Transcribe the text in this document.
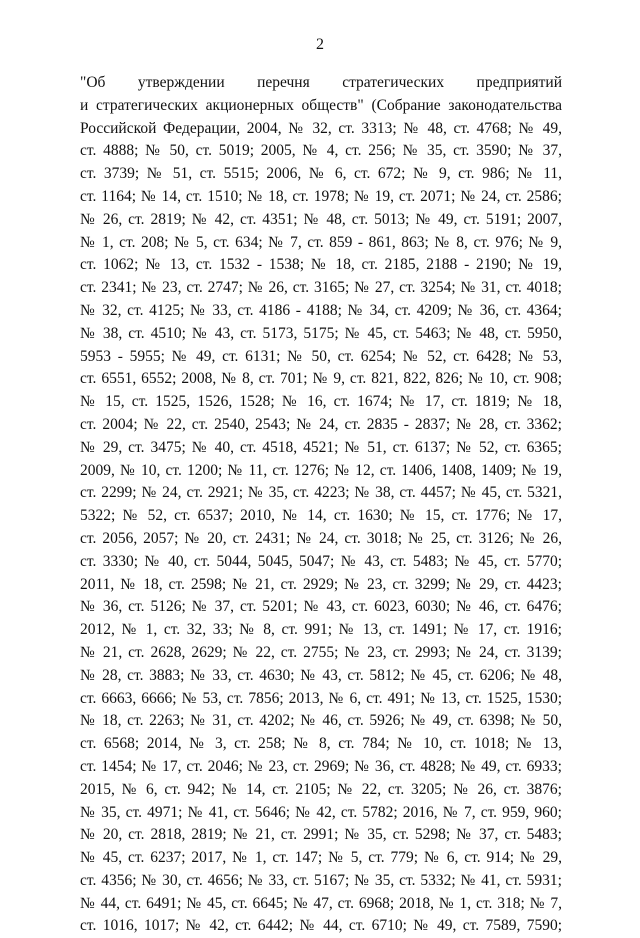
2
"Об утверждении перечня стратегических предприятий
и стратегических акционерных обществ" (Собрание законодательства
Российской Федерации, 2004, № 32, ст. 3313; № 48, ст. 4768; № 49,
ст. 4888; № 50, ст. 5019; 2005, № 4, ст. 256; № 35, ст. 3590; № 37,
ст. 3739; № 51, ст. 5515; 2006, № 6, ст. 672; № 9, ст. 986; № 11,
ст. 1164; № 14, ст. 1510; № 18, ст. 1978; № 19, ст. 2071; № 24, ст. 2586;
№ 26, ст. 2819; № 42, ст. 4351; № 48, ст. 5013; № 49, ст. 5191; 2007,
№ 1, ст. 208; № 5, ст. 634; № 7, ст. 859 - 861, 863; № 8, ст. 976; № 9,
ст. 1062; № 13, ст. 1532 - 1538; № 18, ст. 2185, 2188 - 2190; № 19,
ст. 2341; № 23, ст. 2747; № 26, ст. 3165; № 27, ст. 3254; № 31, ст. 4018;
№ 32, ст. 4125; № 33, ст. 4186 - 4188; № 34, ст. 4209; № 36, ст. 4364;
№ 38, ст. 4510; № 43, ст. 5173, 5175; № 45, ст. 5463; № 48, ст. 5950,
5953 - 5955; № 49, ст. 6131; № 50, ст. 6254; № 52, ст. 6428; № 53,
ст. 6551, 6552; 2008, № 8, ст. 701; № 9, ст. 821, 822, 826; № 10, ст. 908;
№ 15, ст. 1525, 1526, 1528; № 16, ст. 1674; № 17, ст. 1819; № 18,
ст. 2004; № 22, ст. 2540, 2543; № 24, ст. 2835 - 2837; № 28, ст. 3362;
№ 29, ст. 3475; № 40, ст. 4518, 4521; № 51, ст. 6137; № 52, ст. 6365;
2009, № 10, ст. 1200; № 11, ст. 1276; № 12, ст. 1406, 1408, 1409; № 19,
ст. 2299; № 24, ст. 2921; № 35, ст. 4223; № 38, ст. 4457; № 45, ст. 5321,
5322; № 52, ст. 6537; 2010, № 14, ст. 1630; № 15, ст. 1776; № 17,
ст. 2056, 2057; № 20, ст. 2431; № 24, ст. 3018; № 25, ст. 3126; № 26,
ст. 3330; № 40, ст. 5044, 5045, 5047; № 43, ст. 5483; № 45, ст. 5770;
2011, № 18, ст. 2598; № 21, ст. 2929; № 23, ст. 3299; № 29, ст. 4423;
№ 36, ст. 5126; № 37, ст. 5201; № 43, ст. 6023, 6030; № 46, ст. 6476;
2012, № 1, ст. 32, 33; № 8, ст. 991; № 13, ст. 1491; № 17, ст. 1916;
№ 21, ст. 2628, 2629; № 22, ст. 2755; № 23, ст. 2993; № 24, ст. 3139;
№ 28, ст. 3883; № 33, ст. 4630; № 43, ст. 5812; № 45, ст. 6206; № 48,
ст. 6663, 6666; № 53, ст. 7856; 2013, № 6, ст. 491; № 13, ст. 1525, 1530;
№ 18, ст. 2263; № 31, ст. 4202; № 46, ст. 5926; № 49, ст. 6398; № 50,
ст. 6568; 2014, № 3, ст. 258; № 8, ст. 784; № 10, ст. 1018; № 13,
ст. 1454; № 17, ст. 2046; № 23, ст. 2969; № 36, ст. 4828; № 49, ст. 6933;
2015, № 6, ст. 942; № 14, ст. 2105; № 22, ст. 3205; № 26, ст. 3876;
№ 35, ст. 4971; № 41, ст. 5646; № 42, ст. 5782; 2016, № 7, ст. 959, 960;
№ 20, ст. 2818, 2819; № 21, ст. 2991; № 35, ст. 5298; № 37, ст. 5483;
№ 45, ст. 6237; 2017, № 1, ст. 147; № 5, ст. 779; № 6, ст. 914; № 29,
ст. 4356; № 30, ст. 4656; № 33, ст. 5167; № 35, ст. 5332; № 41, ст. 5931;
№ 44, ст. 6491; № 45, ст. 6645; № 47, ст. 6968; 2018, № 1, ст. 318; № 7,
ст. 1016, 1017; № 42, ст. 6442; № 44, ст. 6710; № 49, ст. 7589, 7590;
